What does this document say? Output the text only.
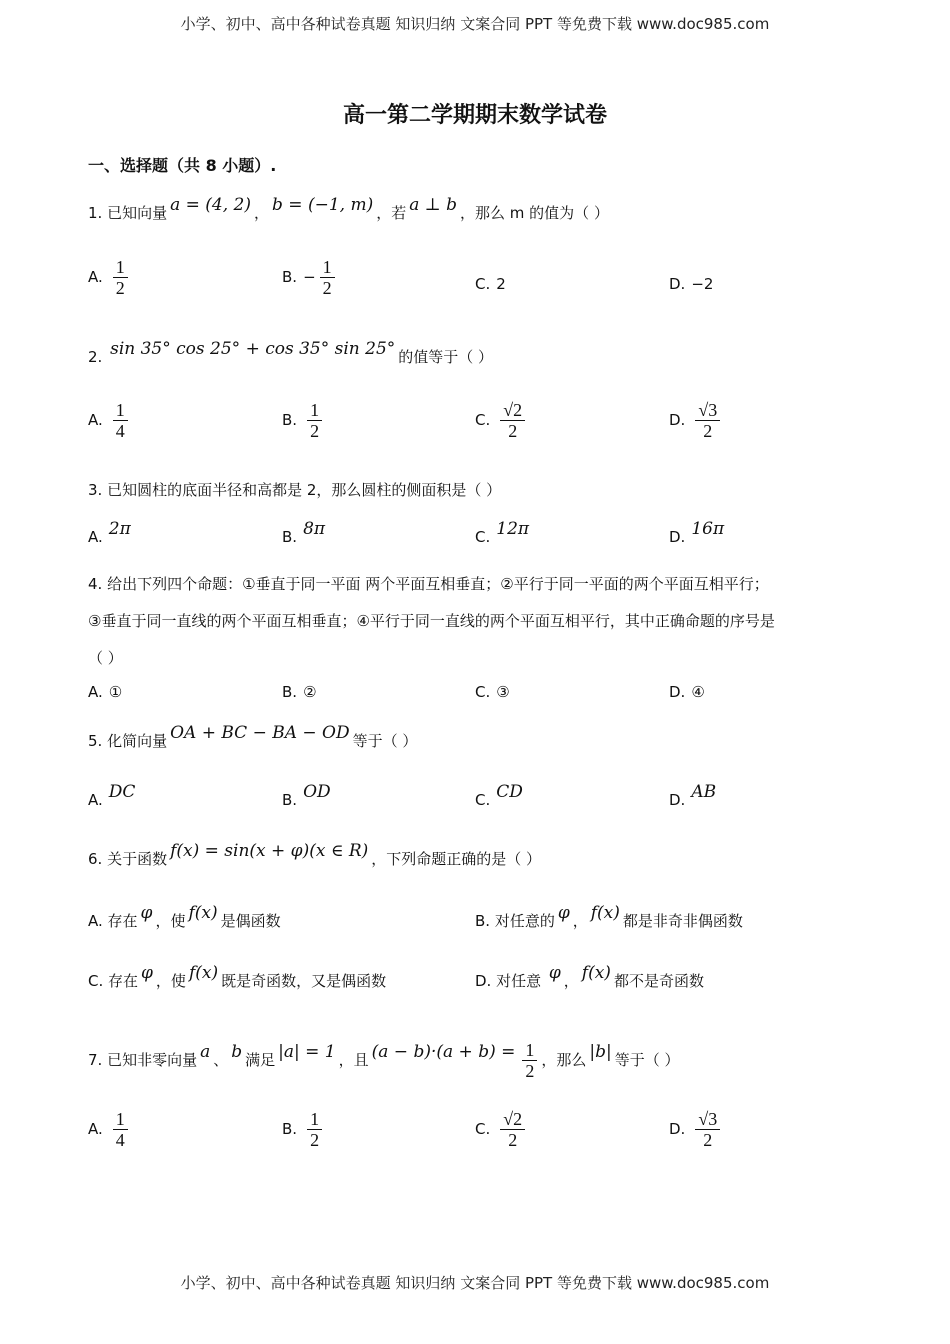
小学、初中、高中各种试卷真题 知识归纳 文案合同 PPT 等免费下载 www.doc985.com
高一第二学期期末数学试卷
一、选择题（共 8 小题）.
1. 已知向量 a = (4, 2) ， b = (−1, m) ，若 a ⊥ b ，那么 m 的值为（ ）
A. $\frac{1}{2}$	B. − $\frac{1}{2}$	C. 2	D. −2
2. sin 35° cos 25° + cos 35° sin 25° 的值等于（ ）
A. $\frac{1}{4}$	B. $\frac{1}{2}$	C. $\frac{√2}{2}$	D. $\frac{√3}{2}$
3. 已知圆柱的底面半径和高都是 2，那么圆柱的侧面积是（ ）
A. 2π	B. 8π	C. 12π	D. 16π
4. 给出下列四个命题：①垂直于同一平面 两个平面互相垂直；②平行于同一平面的两个平面互相平行；
③垂直于同一直线的两个平面互相垂直；④平行于同一直线的两个平面互相平行，其中正确命题的序号是
（ ）
A. ①	B. ②	C. ③	D. ④
5. 化简向量 OA + BC − BA − OD 等于（ ）
A. DC	B. OD	C. CD	D. AB
6. 关于函数 f(x) = sin(x + φ)(x ∈ R) ，下列命题正确的是（ ）
A. 存在 φ ，使 f(x) 是偶函数	B. 对任意的 φ ， f(x) 都是非奇非偶函数
C. 存在 φ ，使 f(x) 既是奇函数，又是偶函数	D. 对任意 φ ， f(x) 都不是奇函数
7. 已知非零向量 a 、 b 满足 |a| = 1 ，且 $(a - b)\cdot(a + b) = \frac{1}{2}$ ，那么 |b| 等于（ ）
A. $\frac{1}{4}$	B. $\frac{1}{2}$	C. $\frac{√2}{2}$	D. $\frac{√3}{2}$
小学、初中、高中各种试卷真题 知识归纳 文案合同 PPT 等免费下载 www.doc985.com
